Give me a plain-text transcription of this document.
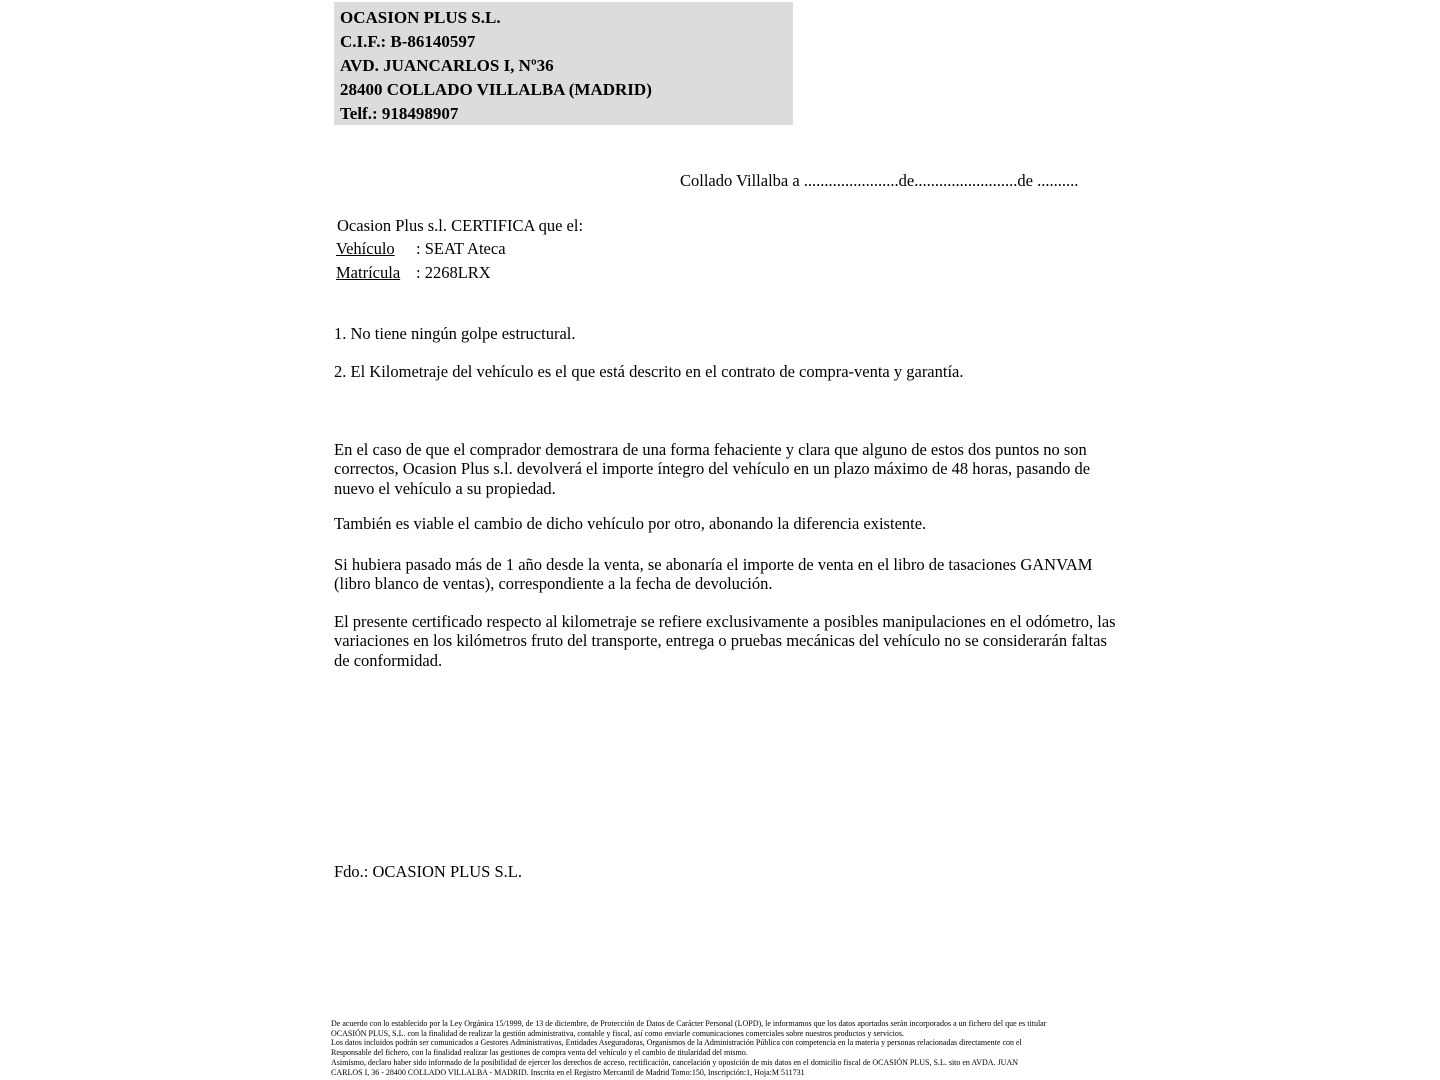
OCASION PLUS S.L.
C.I.F.: B-86140597
AVD. JUANCARLOS I, Nº36
28400 COLLADO VILLALBA (MADRID)
Telf.: 918498907
Collado Villalba a .......................de.........................de ..........
Ocasion Plus s.l. CERTIFICA que el:
Vehículo : SEAT Ateca
Matrícula : 2268LRX
1. No tiene ningún golpe estructural.
2. El Kilometraje del vehículo es el que está descrito en el contrato de compra-venta y garantía.

En el caso de que el comprador demostrara de una forma fehaciente y clara que alguno de estos dos puntos no son correctos, Ocasion Plus s.l. devolverá el importe íntegro del vehículo en un plazo máximo de 48 horas, pasando de nuevo el vehículo a su propiedad.

También es viable el cambio de dicho vehículo por otro, abonando la diferencia existente.

Si hubiera pasado más de 1 año desde la venta, se abonaría el importe de venta en el libro de tasaciones GANVAM (libro blanco de ventas), correspondiente a la fecha de devolución.

El presente certificado respecto al kilometraje se refiere exclusivamente a posibles manipulaciones en el odómetro, las variaciones en los kilómetros fruto del transporte, entrega o pruebas mecánicas del vehículo no se considerarán faltas de conformidad.

Fdo.: OCASION PLUS S.L.
De acuerdo con lo establecido por la Ley Orgánica 15/1999, de 13 de diciembre, de Protección de Datos de Carácter Personal (LOPD), le informamos que los datos aportados serán incorporados a un fichero del que es titular
OCASIÓN PLUS, S.L. con la finalidad de realizar la gestión administrativa, contable y fiscal, así como enviarle comunicaciones comerciales sobre nuestros productos y servicios.
Los datos incluidos podrán ser comunicados a Gestores Administrativos, Entidades Aseguradoras, Organismos de la Administración Pública con competencia en la materia y personas relacionadas directamente con el
Responsable del fichero, con la finalidad realizar las gestiones de compra venta del vehículo y el cambio de titularidad del mismo.
Asimismo, declaro haber sido informado de la posibilidad de ejercer los derechos de acceso, rectificación, cancelación y oposición de mis datos en el domicilio fiscal de OCASIÓN PLUS, S.L. sito en AVDA. JUAN
CARLOS I, 36 - 28400 COLLADO VILLALBA - MADRID. Inscrita en el Registro Mercantil de Madrid Tomo:150, Inscripción:1, Hoja:M 511731
